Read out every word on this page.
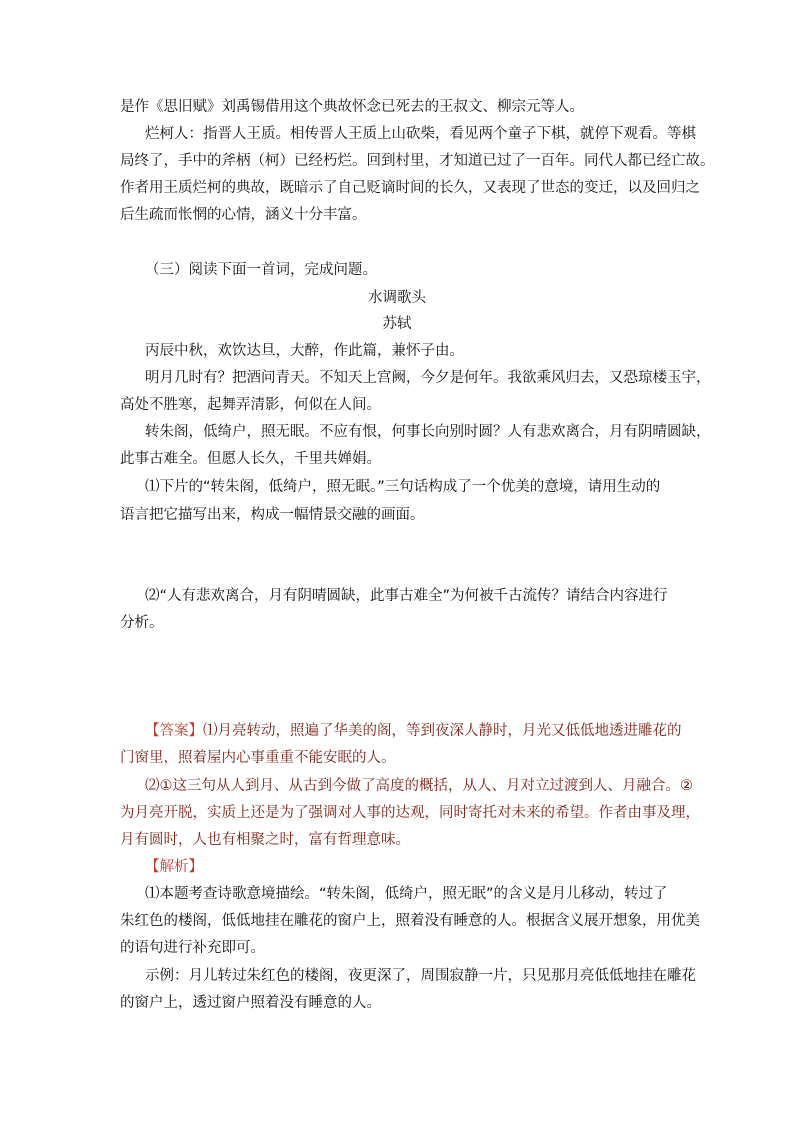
是作《思旧赋》刘禹锡借用这个典故怀念已死去的王叔文、柳宗元等人。
烂柯人：指晋人王质。相传晋人王质上山砍柴，看见两个童子下棋，就停下观看。等棋
局终了，手中的斧柄（柯）已经朽烂。回到村里，才知道已过了一百年。同代人都已经亡故。
作者用王质烂柯的典故，既暗示了自己贬谪时间的长久，又表现了世态的变迁，以及回归之
后生疏而怅惘的心情，涵义十分丰富。
（三）阅读下面一首词，完成问题。
水调歌头
苏轼
丙辰中秋，欢饮达旦，大醉，作此篇，兼怀子由。
明月几时有？把酒问青天。不知天上宫阙，今夕是何年。我欲乘风归去，又恐琼楼玉宇，
高处不胜寒，起舞弄清影，何似在人间。
转朱阁，低绮户，照无眠。不应有恨，何事长向别时圆？人有悲欢离合，月有阴晴圆缺，
此事古难全。但愿人长久，千里共婵娟。
⑴下片的“转朱阁，低绮户，照无眠。”三句话构成了一个优美的意境，请用生动的
语言把它描写出来，构成一幅情景交融的画面。
⑵“人有悲欢离合，月有阴晴圆缺，此事古难全”为何被千古流传？请结合内容进行
分析。
【答案】⑴月亮转动，照遍了华美的阁，等到夜深人静时，月光又低低地透进雕花的
门窗里，照着屋内心事重重不能安眠的人。
⑵①这三句从人到月、从古到今做了高度的概括，从人、月对立过渡到人、月融合。②
为月亮开脱，实质上还是为了强调对人事的达观，同时寄托对未来的希望。作者由事及理，
月有圆时，人也有相聚之时，富有哲理意味。
【解析】
⑴本题考查诗歌意境描绘。“转朱阁，低绮户，照无眠”的含义是月儿移动，转过了
朱红色的楼阁，低低地挂在雕花的窗户上，照着没有睡意的人。根据含义展开想象，用优美
的语句进行补充即可。
示例：月儿转过朱红色的楼阁，夜更深了，周围寂静一片，只见那月亮低低地挂在雕花
的窗户上，透过窗户照着没有睡意的人。
